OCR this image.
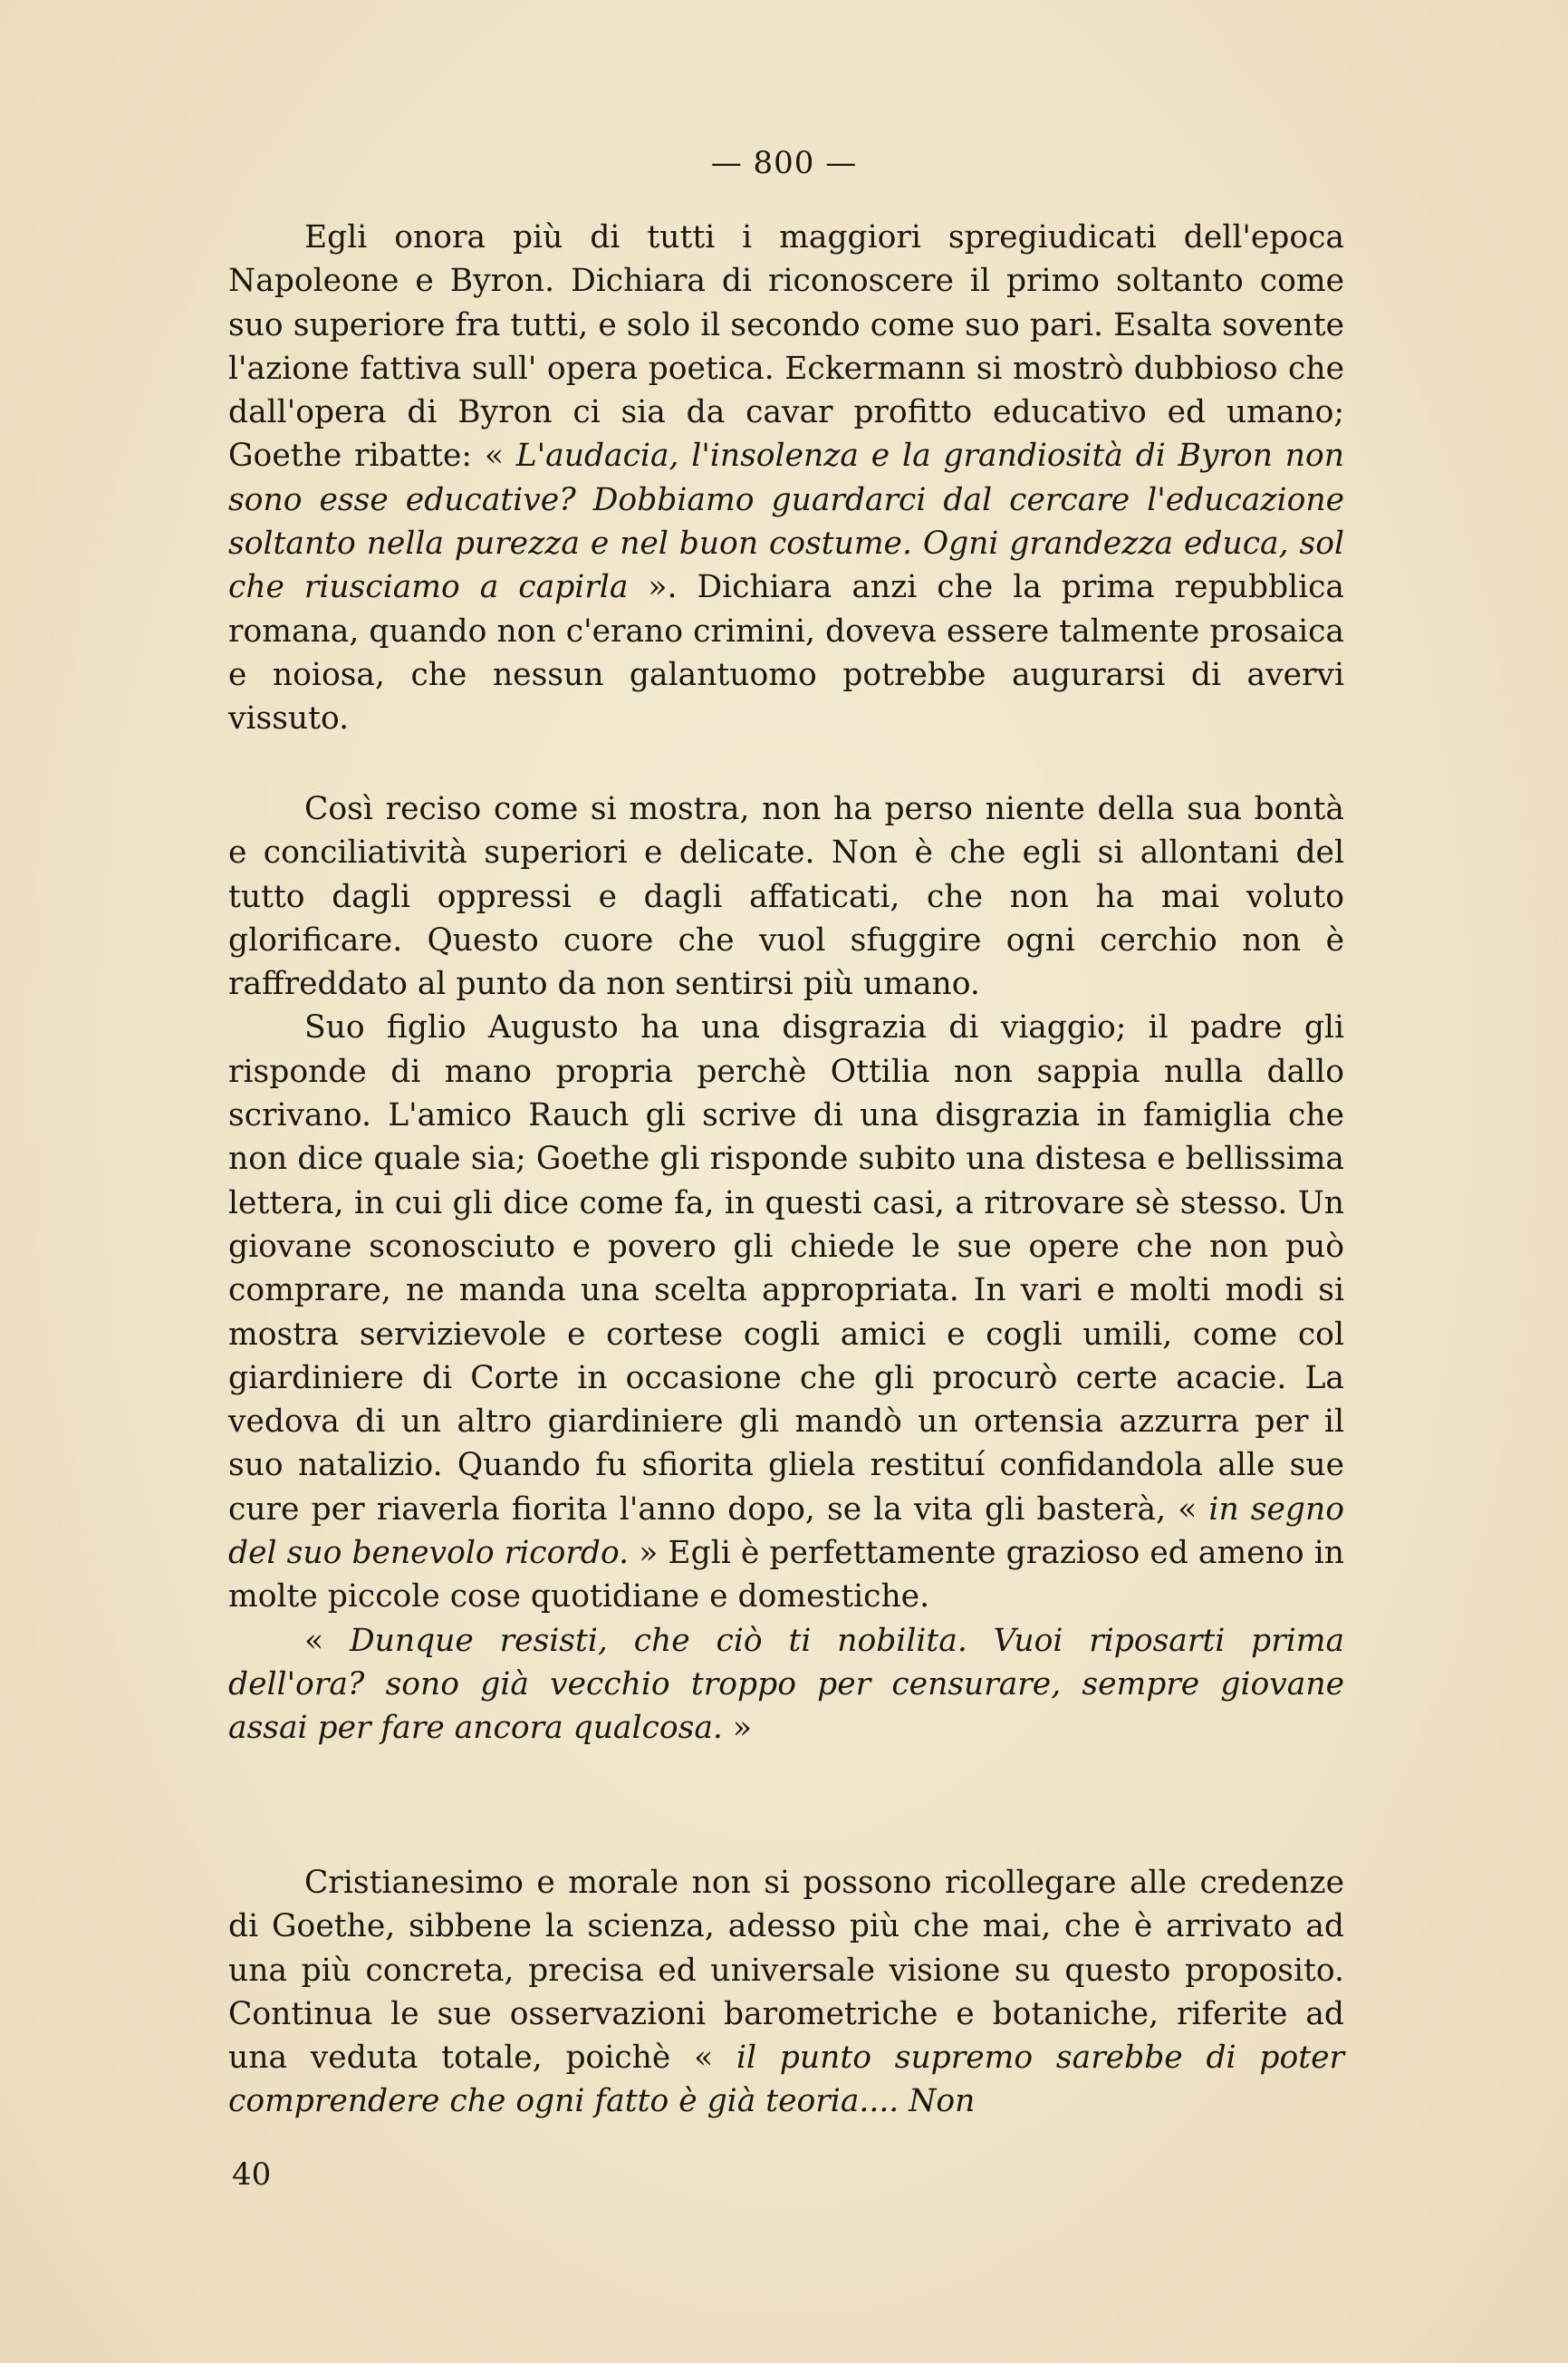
— 800 —

Egli onora più di tutti i maggiori spregiudicati dell'epoca Napoleone e Byron. Dichiara di riconoscere il primo soltanto come suo superiore fra tutti, e solo il secondo come suo pari. Esalta sovente l'azione fattiva sull' opera poetica. Eckermann si mostrò dubbioso che dall'opera di Byron ci sia da cavar profitto educativo ed umano; Goethe ribatte: « L'audacia, l'insolenza e la grandiosità di Byron non sono esse educative? Dobbiamo guardarci dal cercare l'educazione soltanto nella purezza e nel buon costume. Ogni grandezza educa, sol che riusciamo a capirla ». Dichiara anzi che la prima repubblica romana, quando non c'erano crimini, doveva essere talmente prosaica e noiosa, che nessun galantuomo potrebbe augurarsi di avervi vissuto.

Così reciso come si mostra, non ha perso niente della sua bontà e conciliatività superiori e delicate. Non è che egli si allontani del tutto dagli oppressi e dagli affaticati, che non ha mai voluto glorificare. Questo cuore che vuol sfuggire ogni cerchio non è raffreddato al punto da non sentirsi più umano.

Suo figlio Augusto ha una disgrazia di viaggio; il padre gli risponde di mano propria perchè Ottilia non sappia nulla dallo scrivano. L'amico Rauch gli scrive di una disgrazia in famiglia che non dice quale sia; Goethe gli risponde subito una distesa e bellissima lettera, in cui gli dice come fa, in questi casi, a ritrovare sè stesso. Un giovane sconosciuto e povero gli chiede le sue opere che non può comprare, ne manda una scelta appropriata. In vari e molti modi si mostra servizievole e cortese cogli amici e cogli umili, come col giardiniere di Corte in occasione che gli procurò certe acacie. La vedova di un altro giardiniere gli mandò un ortensia azzurra per il suo natalizio. Quando fu sfiorita gliela restituí confidandola alle sue cure per riaverla fiorita l'anno dopo, se la vita gli basterà, « in segno del suo benevolo ricordo. » Egli è perfettamente grazioso ed ameno in molte piccole cose quotidiane e domestiche.

« Dunque resisti, che ciò ti nobilita. Vuoi riposarti prima dell'ora? sono già vecchio troppo per censurare, sempre giovane assai per fare ancora qualcosa. »

Cristianesimo e morale non si possono ricollegare alle credenze di Goethe, sibbene la scienza, adesso più che mai, che è arrivato ad una più concreta, precisa ed universale visione su questo proposito. Continua le sue osservazioni barometriche e botaniche, riferite ad una veduta totale, poichè « il punto supremo sarebbe di poter comprendere che ogni fatto è già teoria.... Non

40
